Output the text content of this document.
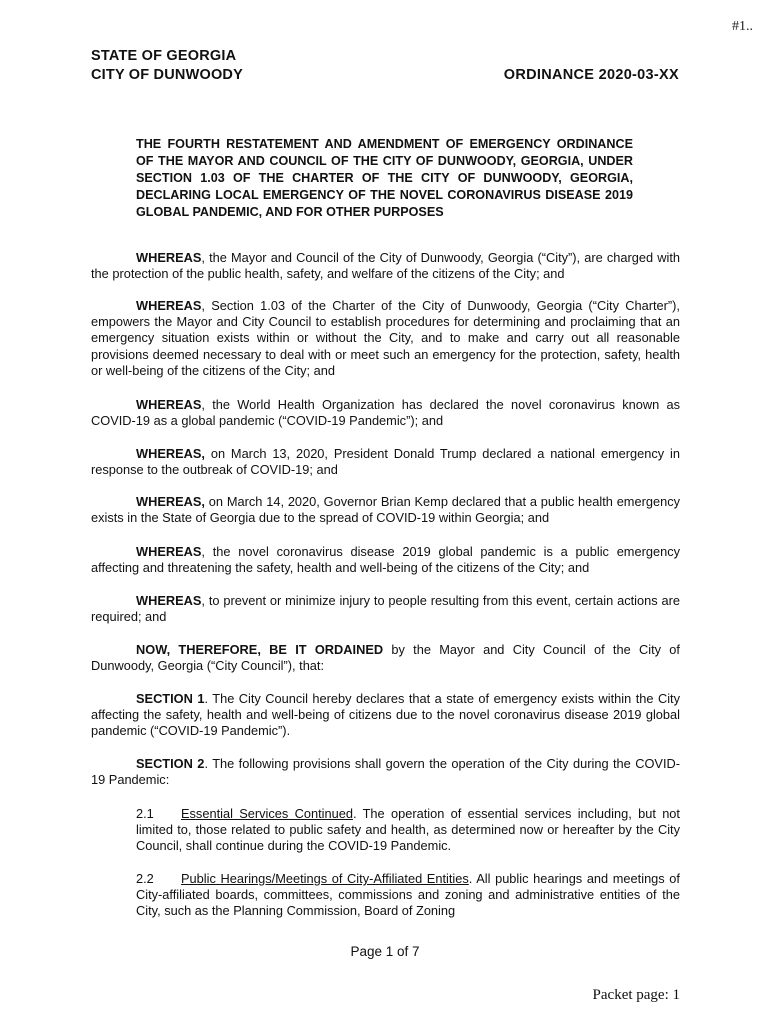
#1..
STATE OF GEORGIA
CITY OF DUNWOODY	ORDINANCE 2020-03-XX
THE FOURTH RESTATEMENT AND AMENDMENT OF EMERGENCY ORDINANCE OF THE MAYOR AND COUNCIL OF THE CITY OF DUNWOODY, GEORGIA, UNDER SECTION 1.03 OF THE CHARTER OF THE CITY OF DUNWOODY, GEORGIA, DECLARING LOCAL EMERGENCY OF THE NOVEL CORONAVIRUS DISEASE 2019 GLOBAL PANDEMIC, AND FOR OTHER PURPOSES
WHEREAS, the Mayor and Council of the City of Dunwoody, Georgia (“City”), are charged with the protection of the public health, safety, and welfare of the citizens of the City; and
WHEREAS, Section 1.03 of the Charter of the City of Dunwoody, Georgia (“City Charter”), empowers the Mayor and City Council to establish procedures for determining and proclaiming that an emergency situation exists within or without the City, and to make and carry out all reasonable provisions deemed necessary to deal with or meet such an emergency for the protection, safety, health or well-being of the citizens of the City; and
WHEREAS, the World Health Organization has declared the novel coronavirus known as COVID-19 as a global pandemic (“COVID-19 Pandemic”); and
WHEREAS, on March 13, 2020, President Donald Trump declared a national emergency in response to the outbreak of COVID-19; and
WHEREAS, on March 14, 2020, Governor Brian Kemp declared that a public health emergency exists in the State of Georgia due to the spread of COVID-19 within Georgia; and
WHEREAS, the novel coronavirus disease 2019 global pandemic is a public emergency affecting and threatening the safety, health and well-being of the citizens of the City; and
WHEREAS, to prevent or minimize injury to people resulting from this event, certain actions are required; and
NOW, THEREFORE, BE IT ORDAINED by the Mayor and City Council of the City of Dunwoody, Georgia (“City Council”), that:
SECTION 1. The City Council hereby declares that a state of emergency exists within the City affecting the safety, health and well-being of citizens due to the novel coronavirus disease 2019 global pandemic (“COVID-19 Pandemic”).
SECTION 2. The following provisions shall govern the operation of the City during the COVID-19 Pandemic:
2.1 Essential Services Continued. The operation of essential services including, but not limited to, those related to public safety and health, as determined now or hereafter by the City Council, shall continue during the COVID-19 Pandemic.
2.2 Public Hearings/Meetings of City-Affiliated Entities. All public hearings and meetings of City-affiliated boards, committees, commissions and zoning and administrative entities of the City, such as the Planning Commission, Board of Zoning
Page 1 of 7
Packet page: 1
